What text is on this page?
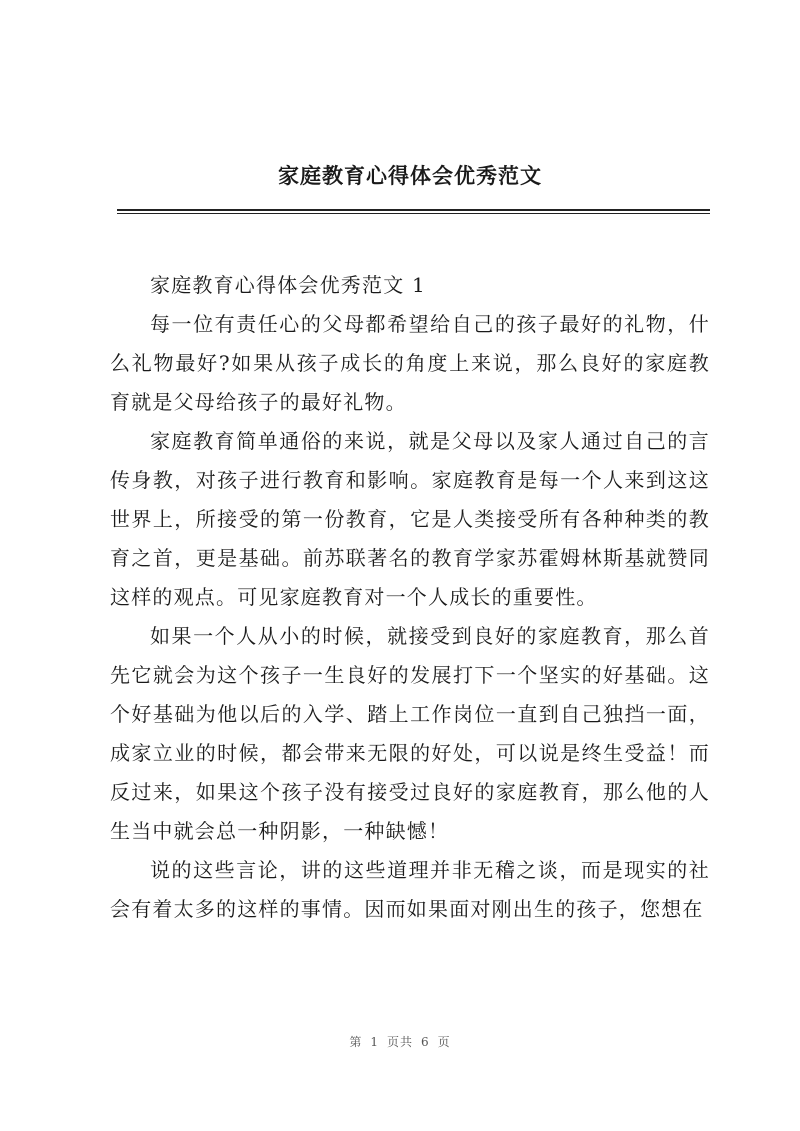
家庭教育心得体会优秀范文

家庭教育心得体会优秀范文 1

每一位有责任心的父母都希望给自己的孩子最好的礼物，什么礼物最好?如果从孩子成长的角度上来说，那么良好的家庭教育就是父母给孩子的最好礼物。

家庭教育简单通俗的来说，就是父母以及家人通过自己的言传身教，对孩子进行教育和影响。家庭教育是每一个人来到这这世界上，所接受的第一份教育，它是人类接受所有各种种类的教育之首，更是基础。前苏联著名的教育学家苏霍姆林斯基就赞同这样的观点。可见家庭教育对一个人成长的重要性。

如果一个人从小的时候，就接受到良好的家庭教育，那么首先它就会为这个孩子一生良好的发展打下一个坚实的好基础。这个好基础为他以后的入学、踏上工作岗位一直到自己独挡一面，成家立业的时候，都会带来无限的好处，可以说是终生受益！而反过来，如果这个孩子没有接受过良好的家庭教育，那么他的人生当中就会总一种阴影，一种缺憾！

说的这些言论，讲的这些道理并非无稽之谈，而是现实的社会有着太多的这样的事情。因而如果面对刚出生的孩子，您想在

第 1 页共 6 页
